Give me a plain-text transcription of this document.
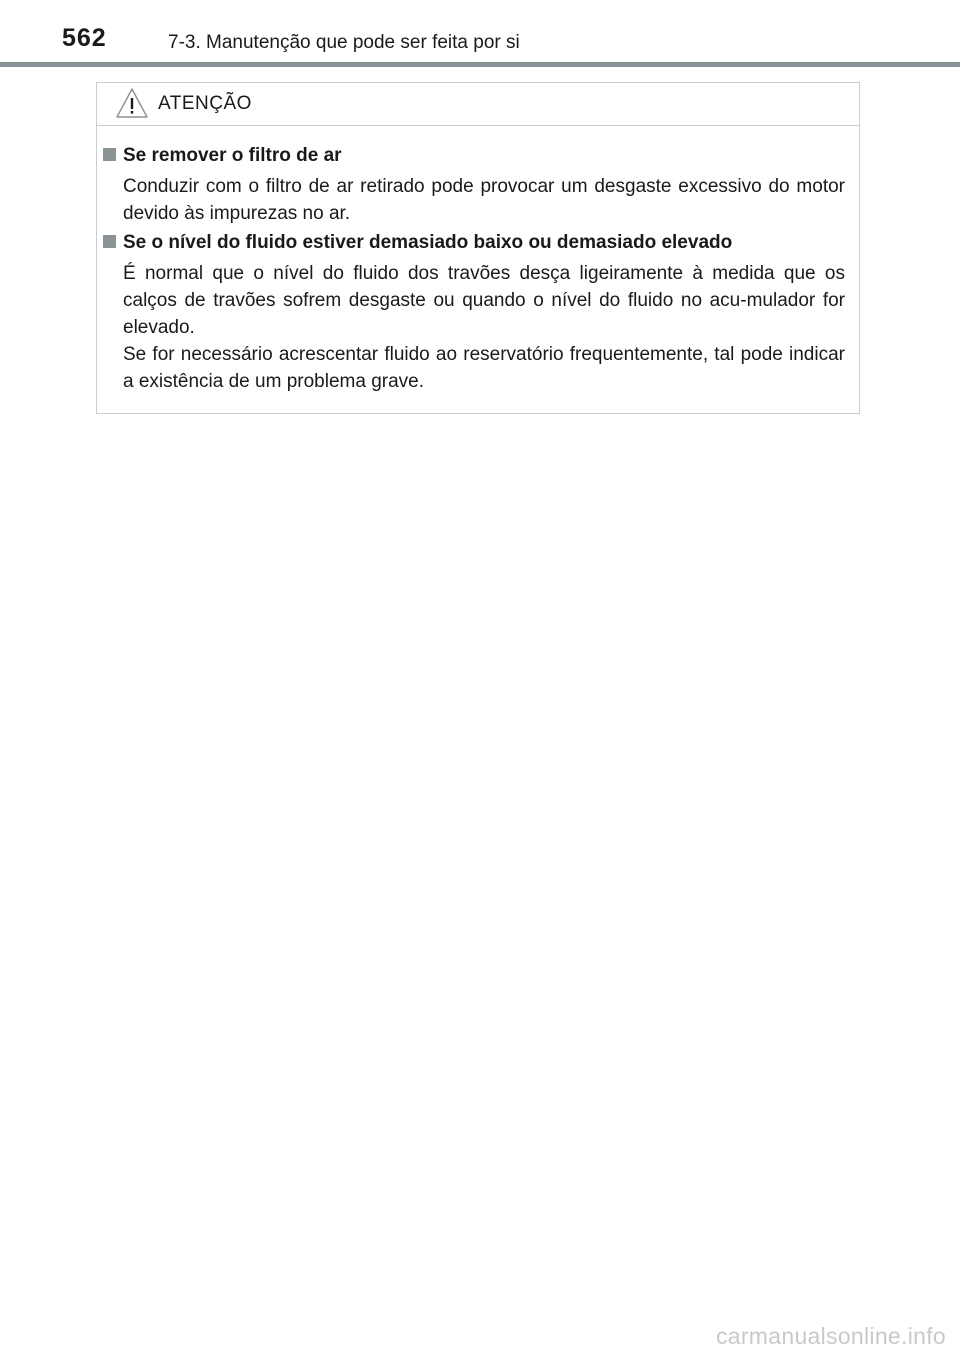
562	7-3. Manutenção que pode ser feita por si
ATENÇÃO
Se remover o filtro de ar
Conduzir com o filtro de ar retirado pode provocar um desgaste excessivo do motor devido às impurezas no ar.
Se o nível do fluido estiver demasiado baixo ou demasiado elevado
É normal que o nível do fluido dos travões desça ligeiramente à medida que os calços de travões sofrem desgaste ou quando o nível do fluido no acu-mulador for elevado.
Se for necessário acrescentar fluido ao reservatório frequentemente, tal pode indicar a existência de um problema grave.
carmanualsonline.info
